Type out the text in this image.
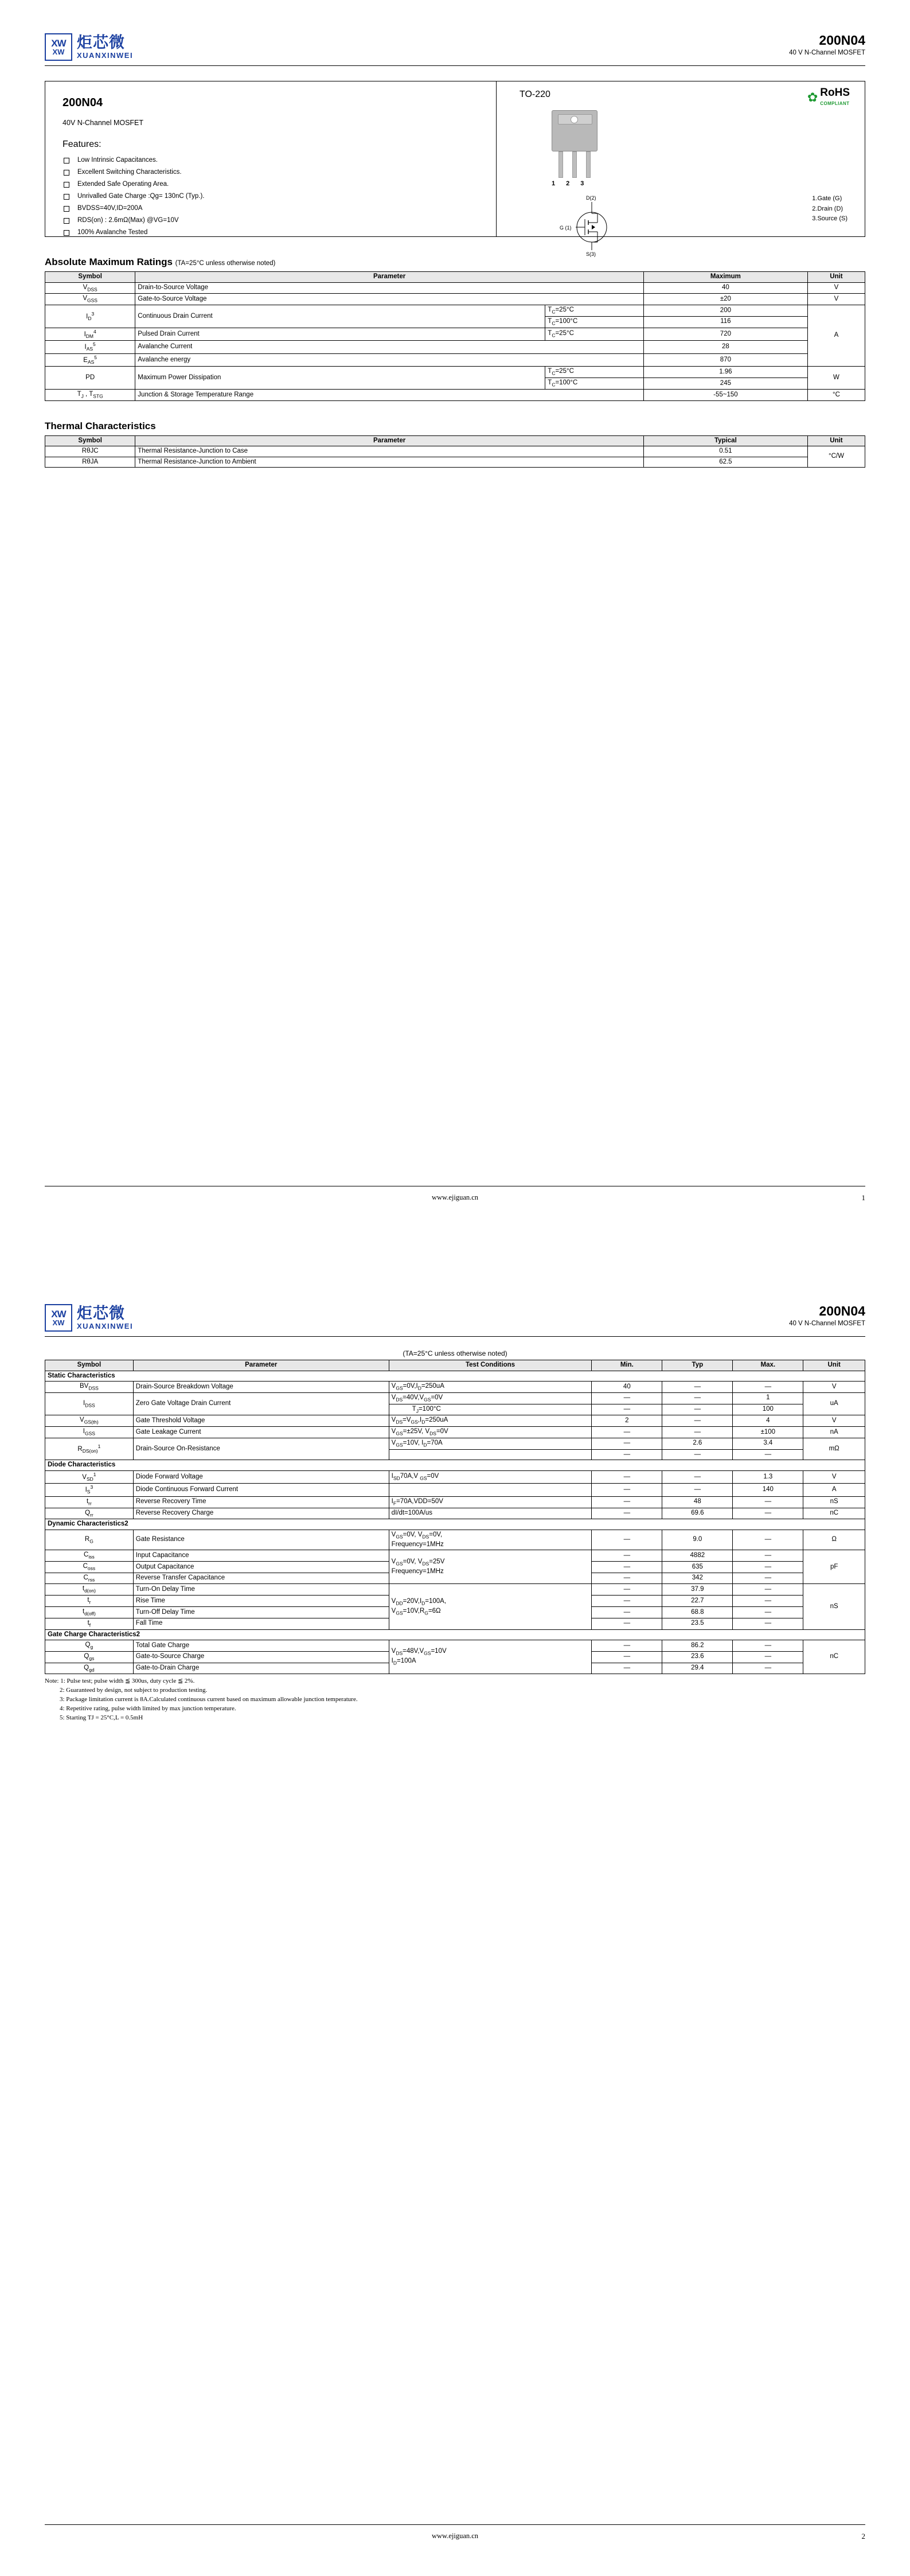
XW
XW
炬芯微
XUANXINWEI
200N04
40 V N-Channel MOSFET
200N04
40V N-Channel MOSFET
Features:
Low Intrinsic Capacitances.
Excellent Switching Characteristics.
Extended Safe Operating Area.
Unrivalled Gate Charge :Qg= 130nC (Typ.).
BVDSS=40V,ID=200A
RDS(on) : 2.6mΩ(Max) @VG=10V
100% Avalanche Tested
TO-220	✿ RoHS
COMPLIANT
1 2 3
D(2)
G (1)
S(3)
1.Gate (G)
2.Drain (D)
3.Source (S)
Absolute Maximum Ratings (TA=25°C unless otherwise noted)
Symbol	Parameter		Maximum	Unit
$V_{DSS}$	Drain-to-Source Voltage		40	V
$V_{GSS}$	Gate-to-Source Voltage		±20	V
$I_D^3$	Continuous Drain Current	$T_C=25^\circ C$	200	A
		$T_C=100^\circ C$	116	
$I_{DM}^4$	Pulsed Drain Current	$T_C=25^\circ C$	720	
$I_{AS}^5$	Avalanche Current		28	
$E_{AS}^5$	Avalanche energy		870	

PD	Maximum Power Dissipation	$T_C=25^\circ C$	1.96	W
		$T_C=100^\circ C$	245	
$T_J$ , $T_{STG}$	Junction & Storage Temperature Range		-55~150	°C
Thermal Characteristics
Symbol	Parameter	Typical	Unit
RθJC	Thermal Resistance-Junction to Case	0.51	°C/W
RθJA	Thermal Resistance-Junction to Ambient	62.5	
www.ejiguan.cn	1
XW
XW
炬芯微
XUANXINWEI
200N04
40 V N-Channel MOSFET
(TA=25°C unless otherwise noted)
Symbol	Parameter	Test Conditions	Min.	Typ	Max.	Unit
Static Characteristics						
$BV_{DSS}$	Drain-Source Breakdown Voltage	$V_{GS}=0V,I_D=250uA$	40	—	—	V
$I_{DSS}$	Zero Gate Voltage Drain Current	$V_{DS}=40V,V_{GS}=0V$	—	—	1	uA
		$T_J=100^\circ C$	—	—	100	
$V_{GS(th)}$	Gate Threshold Voltage	$V_{DS}=V_{GS},I_D=250uA$	2	—	4	V
$I_{GSS}$	Gate Leakage Current	$V_{GS}=\pm 25V$, $V_{DS}=0V$	—	—	±100	nA
$R_{DS(on)}^1$	Drain-Source On-Resistance	$V_{GS}=10V$, $I_D=70A$	—	2.6	3.4	mΩ
			—	—	—	
Diode Characteristics						
$V_{SD}^1$	Diode Forward Voltage	$I_{SD}70A,V$ $_{GS}$=0V	—	—	1.3	V
$I_S^3$	Diode Continuous Forward Current		—	—	140	A
$t_{rr}$	Reverse Recovery Time	$I_F=70A,VDD=50V$	—	48	—	nS
$Q_{rr}$	Reverse Recovery Charge	dI/dt=100A/us	—	69.6	—	nC
Dynamic Characteristics2						
$R_G$	Gate Resistance	$V_{GS}=0V$, $V_{DS}=0V$,
Frequency=1MHz	—	9.0	—	Ω
$C_{iss}$	Input Capacitance	$V_{GS}=0V$, $V_{DS}=25V$
Frequency=1MHz	—	4882	—	pF
$C_{oss}$	Output Capacitance		—	635	—	
$C_{rss}$	Reverse Transfer Capacitance		—	342	—	
$t_{d(on)}$	Turn-On Delay Time	$V_{DD}=20V,I_D=100A$,
$V_{GS}=10V,R_G=6\Omega$	—	37.9	—	nS
$t_r$	Rise Time		—	22.7	—	
$t_{d(off)}$	Turn-Off Delay Time		—	68.8	—	
$t_f$	Fall Time		—	23.5	—	
Gate Charge Characteristics2						
$Q_g$	Total Gate Charge	$V_{DS}=48V,V_{GS}=10V$
$I_D=100A$	—	86.2	—	nC
$Q_{gs}$	Gate-to-Source Charge		—	23.6	—	
$Q_{gd}$	Gate-to-Drain Charge		—	29.4	—	
Note: 1: Pulse test; pulse width ≦ 300us, duty cycle ≦ 2%.
2: Guaranteed by design, not subject to production testing.
3: Package limitation current is 8A.Calculated continuous current based on maximum allowable junction temperature.
4: Repetitive rating, pulse width limited by max junction temperature.
5: Starting TJ = 25°C,L = 0.5mH
www.ejiguan.cn	2
